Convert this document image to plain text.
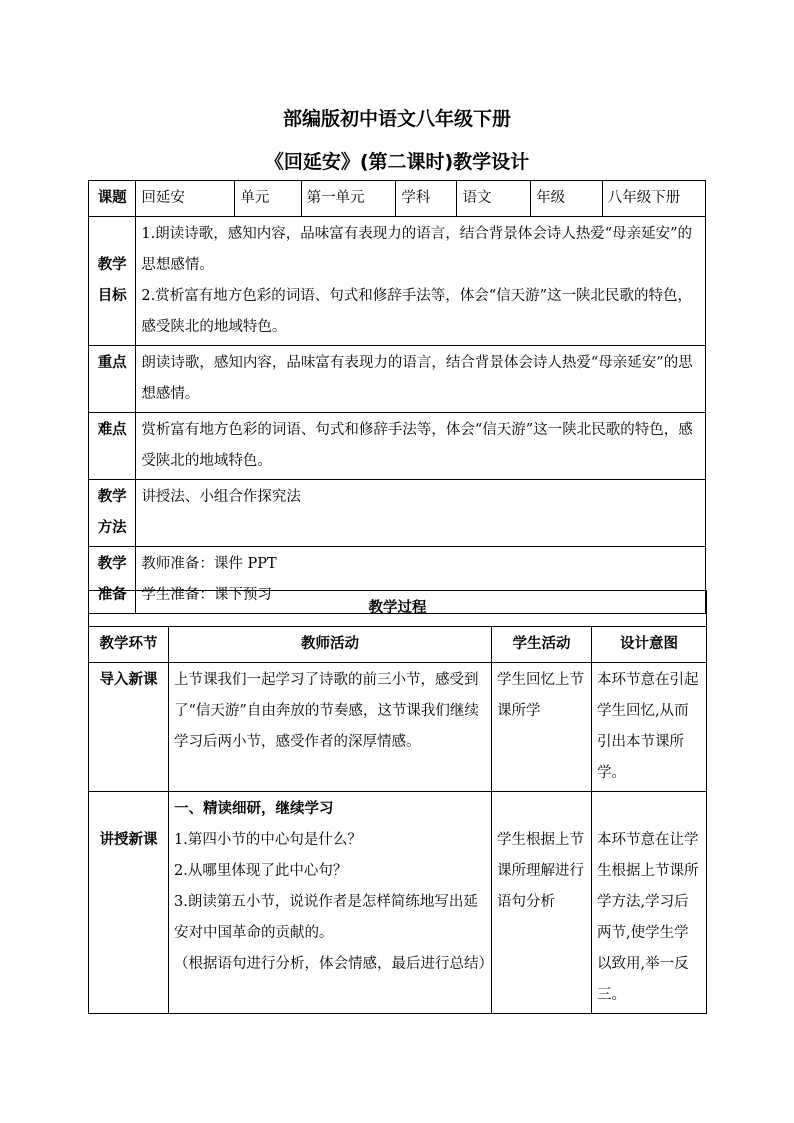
部编版初中语文八年级下册
《回延安》(第二课时)教学设计
课题	回延安	单元	第一单元	学科	语文	年级	八年级下册

教学
目标	1.朗读诗歌，感知内容，品味富有表现力的语言，结合背景体会诗人热爱“母亲延安”的思想感情。
2.赏析富有地方色彩的词语、句式和修辞手法等，体会“信天游”这一陕北民歌的特色，感受陕北的地域特色。						

重点	朗读诗歌，感知内容，品味富有表现力的语言，结合背景体会诗人热爱“母亲延安”的思想感情。						
难点	赏析富有地方色彩的词语、句式和修辞手法等，体会“信天游”这一陕北民歌的特色，感受陕北的地域特色。						

教学
方法	讲授法、小组合作探究法						

教学
准备	教师准备：课件 PPT
学生准备：课下预习						
教学过程			
教学环节	教师活动	学生活动	设计意图
导入新课	上节课我们一起学习了诗歌的前三小节，感受到了“信天游”自由奔放的节奏感，这节课我们继续学习后两小节，感受作者的深厚情感。	学生回忆上节课所学	本环节意在引起学生回忆,从而引出本节课所学。
讲授新课	一、精读细研，继续学习
1.第四小节的中心句是什么？
2.从哪里体现了此中心句？
3.朗读第五小节，说说作者是怎样简练地写出延安对中国革命的贡献的。
（根据语句进行分析，体会情感，最后进行总结）	学生根据上节课所理解进行语句分析	本环节意在让学生根据上节课所学方法,学习后两节,使学生学以致用,举一反三。
